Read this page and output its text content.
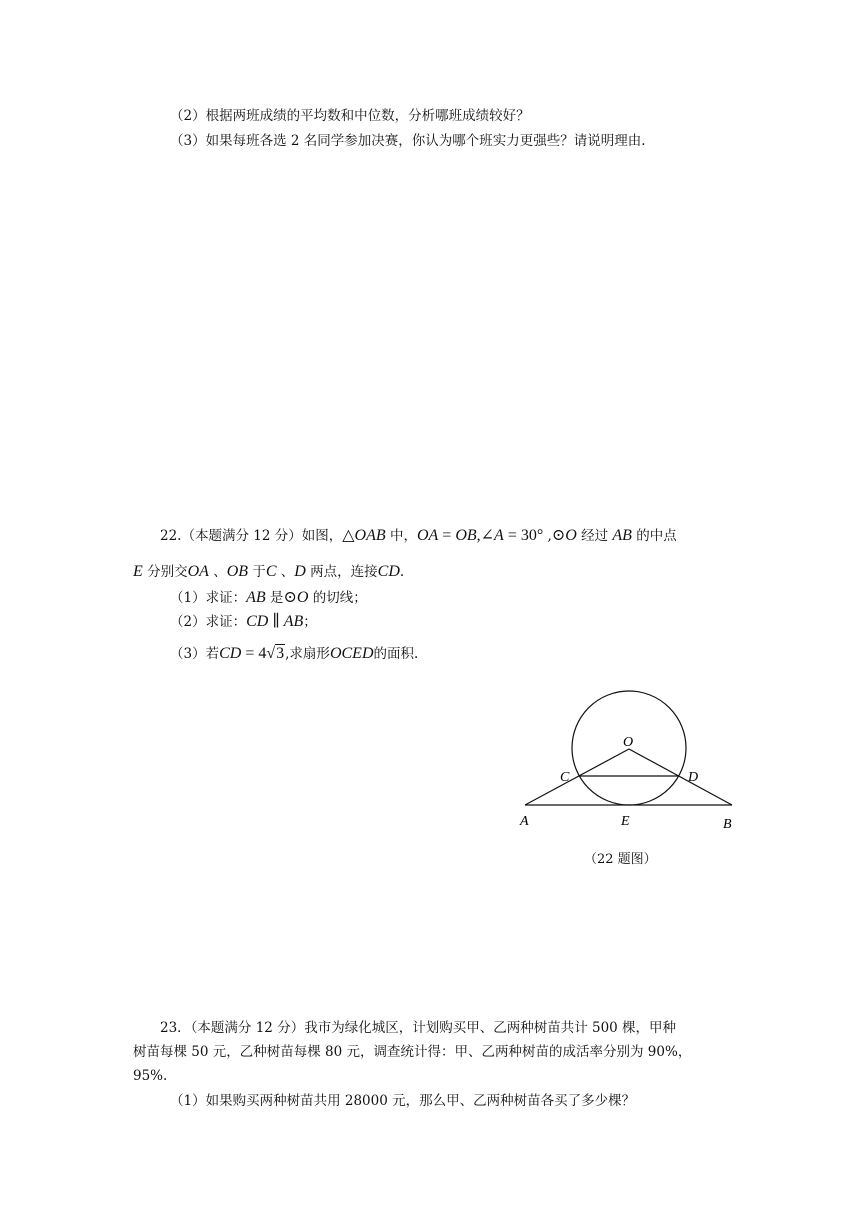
（2）根据两班成绩的平均数和中位数，分析哪班成绩较好？
（3）如果每班各选 2 名同学参加决赛，你认为哪个班实力更强些？请说明理由.
22.（本题满分 12 分）如图，△OAB 中，OA = OB,∠A = 30° ,⊙O 经过 AB 的中点
E 分别交OA 、OB 于C 、D 两点，连接CD.
（1）求证：AB 是⊙O 的切线；
（2）求证：CD ∥ AB；
（3）若CD = 4√3,求扇形OCED的面积.
O
C	D
A	E	B
（22 题图）
23．（本题满分 12 分）我市为绿化城区，计划购买甲、乙两种树苗共计 500 棵，甲种
树苗每棵 50 元，乙种树苗每棵 80 元，调查统计得：甲、乙两种树苗的成活率分别为 90%，
95%.
（1）如果购买两种树苗共用 28000 元，那么甲、乙两种树苗各买了多少棵？
